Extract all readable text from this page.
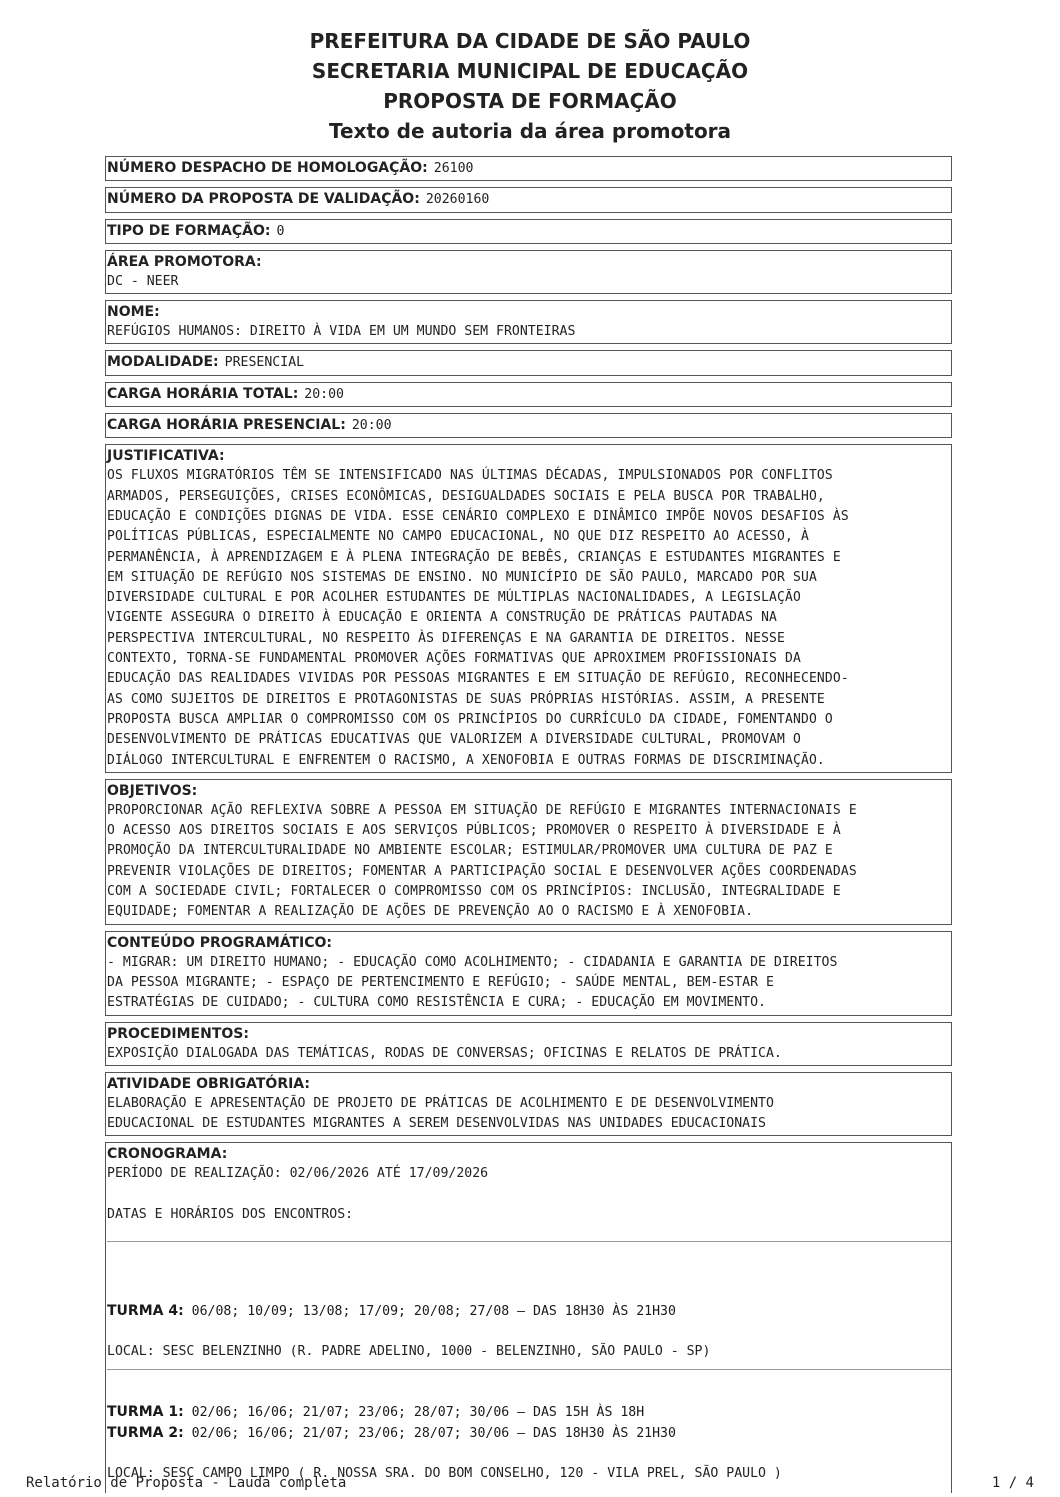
PREFEITURA DA CIDADE DE SÃO PAULO
SECRETARIA MUNICIPAL DE EDUCAÇÃO
PROPOSTA DE FORMAÇÃO
Texto de autoria da área promotora
NÚMERO DESPACHO DE HOMOLOGAÇÃO: 26100
NÚMERO DA PROPOSTA DE VALIDAÇÃO: 20260160
TIPO DE FORMAÇÃO: 0
ÁREA PROMOTORA:
DC - NEER
NOME:
REFÚGIOS HUMANOS: DIREITO À VIDA EM UM MUNDO SEM FRONTEIRAS
MODALIDADE: PRESENCIAL
CARGA HORÁRIA TOTAL: 20:00
CARGA HORÁRIA PRESENCIAL: 20:00
JUSTIFICATIVA:
OS FLUXOS MIGRATÓRIOS TÊM SE INTENSIFICADO NAS ÚLTIMAS DÉCADAS, IMPULSIONADOS POR CONFLITOS
ARMADOS, PERSEGUIÇÕES, CRISES ECONÔMICAS, DESIGUALDADES SOCIAIS E PELA BUSCA POR TRABALHO,
EDUCAÇÃO E CONDIÇÕES DIGNAS DE VIDA. ESSE CENÁRIO COMPLEXO E DINÂMICO IMPÕE NOVOS DESAFIOS ÀS
POLÍTICAS PÚBLICAS, ESPECIALMENTE NO CAMPO EDUCACIONAL, NO QUE DIZ RESPEITO AO ACESSO, À
PERMANÊNCIA, À APRENDIZAGEM E À PLENA INTEGRAÇÃO DE BEBÊS, CRIANÇAS E ESTUDANTES MIGRANTES E
EM SITUAÇÃO DE REFÚGIO NOS SISTEMAS DE ENSINO. NO MUNICÍPIO DE SÃO PAULO, MARCADO POR SUA
DIVERSIDADE CULTURAL E POR ACOLHER ESTUDANTES DE MÚLTIPLAS NACIONALIDADES, A LEGISLAÇÃO
VIGENTE ASSEGURA O DIREITO À EDUCAÇÃO E ORIENTA A CONSTRUÇÃO DE PRÁTICAS PAUTADAS NA
PERSPECTIVA INTERCULTURAL, NO RESPEITO ÀS DIFERENÇAS E NA GARANTIA DE DIREITOS. NESSE
CONTEXTO, TORNA-SE FUNDAMENTAL PROMOVER AÇÕES FORMATIVAS QUE APROXIMEM PROFISSIONAIS DA
EDUCAÇÃO DAS REALIDADES VIVIDAS POR PESSOAS MIGRANTES E EM SITUAÇÃO DE REFÚGIO, RECONHECENDO-
AS COMO SUJEITOS DE DIREITOS E PROTAGONISTAS DE SUAS PRÓPRIAS HISTÓRIAS. ASSIM, A PRESENTE
PROPOSTA BUSCA AMPLIAR O COMPROMISSO COM OS PRINCÍPIOS DO CURRÍCULO DA CIDADE, FOMENTANDO O
DESENVOLVIMENTO DE PRÁTICAS EDUCATIVAS QUE VALORIZEM A DIVERSIDADE CULTURAL, PROMOVAM O
DIÁLOGO INTERCULTURAL E ENFRENTEM O RACISMO, A XENOFOBIA E OUTRAS FORMAS DE DISCRIMINAÇÃO.
OBJETIVOS:
PROPORCIONAR AÇÃO REFLEXIVA SOBRE A PESSOA EM SITUAÇÃO DE REFÚGIO E MIGRANTES INTERNACIONAIS E
O ACESSO AOS DIREITOS SOCIAIS E AOS SERVIÇOS PÚBLICOS; PROMOVER O RESPEITO À DIVERSIDADE E À
PROMOÇÃO DA INTERCULTURALIDADE NO AMBIENTE ESCOLAR; ESTIMULAR/PROMOVER UMA CULTURA DE PAZ E
PREVENIR VIOLAÇÕES DE DIREITOS; FOMENTAR A PARTICIPAÇÃO SOCIAL E DESENVOLVER AÇÕES COORDENADAS
COM A SOCIEDADE CIVIL; FORTALECER O COMPROMISSO COM OS PRINCÍPIOS: INCLUSÃO, INTEGRALIDADE E
EQUIDADE; FOMENTAR A REALIZAÇÃO DE AÇÕES DE PREVENÇÃO AO O RACISMO E À XENOFOBIA.
CONTEÚDO PROGRAMÁTICO:
- MIGRAR: UM DIREITO HUMANO; - EDUCAÇÃO COMO ACOLHIMENTO; - CIDADANIA E GARANTIA DE DIREITOS
DA PESSOA MIGRANTE; - ESPAÇO DE PERTENCIMENTO E REFÚGIO; - SAÚDE MENTAL, BEM-ESTAR E
ESTRATÉGIAS DE CUIDADO; - CULTURA COMO RESISTÊNCIA E CURA; - EDUCAÇÃO EM MOVIMENTO.
PROCEDIMENTOS:
EXPOSIÇÃO DIALOGADA DAS TEMÁTICAS, RODAS DE CONVERSAS; OFICINAS E RELATOS DE PRÁTICA.
ATIVIDADE OBRIGATÓRIA:
ELABORAÇÃO E APRESENTAÇÃO DE PROJETO DE PRÁTICAS DE ACOLHIMENTO E DE DESENVOLVIMENTO
EDUCACIONAL DE ESTUDANTES MIGRANTES A SEREM DESENVOLVIDAS NAS UNIDADES EDUCACIONAIS
CRONOGRAMA:
PERÍODO DE REALIZAÇÃO: 02/06/2026 ATÉ 17/09/2026
DATAS E HORÁRIOS DOS ENCONTROS:
TURMA 4: 06/08; 10/09; 13/08; 17/09; 20/08; 27/08 — DAS 18H30 ÀS 21H30
LOCAL: SESC BELENZINHO (R. PADRE ADELINO, 1000 - BELENZINHO, SÃO PAULO - SP)
TURMA 1: 02/06; 16/06; 21/07; 23/06; 28/07; 30/06 — DAS 15H ÀS 18H
TURMA 2: 02/06; 16/06; 21/07; 23/06; 28/07; 30/06 — DAS 18H30 ÀS 21H30
LOCAL: SESC CAMPO LIMPO ( R. NOSSA SRA. DO BOM CONSELHO, 120 - VILA PREL, SÃO PAULO )
Relatório de Proposta - Lauda completa	1 / 4
